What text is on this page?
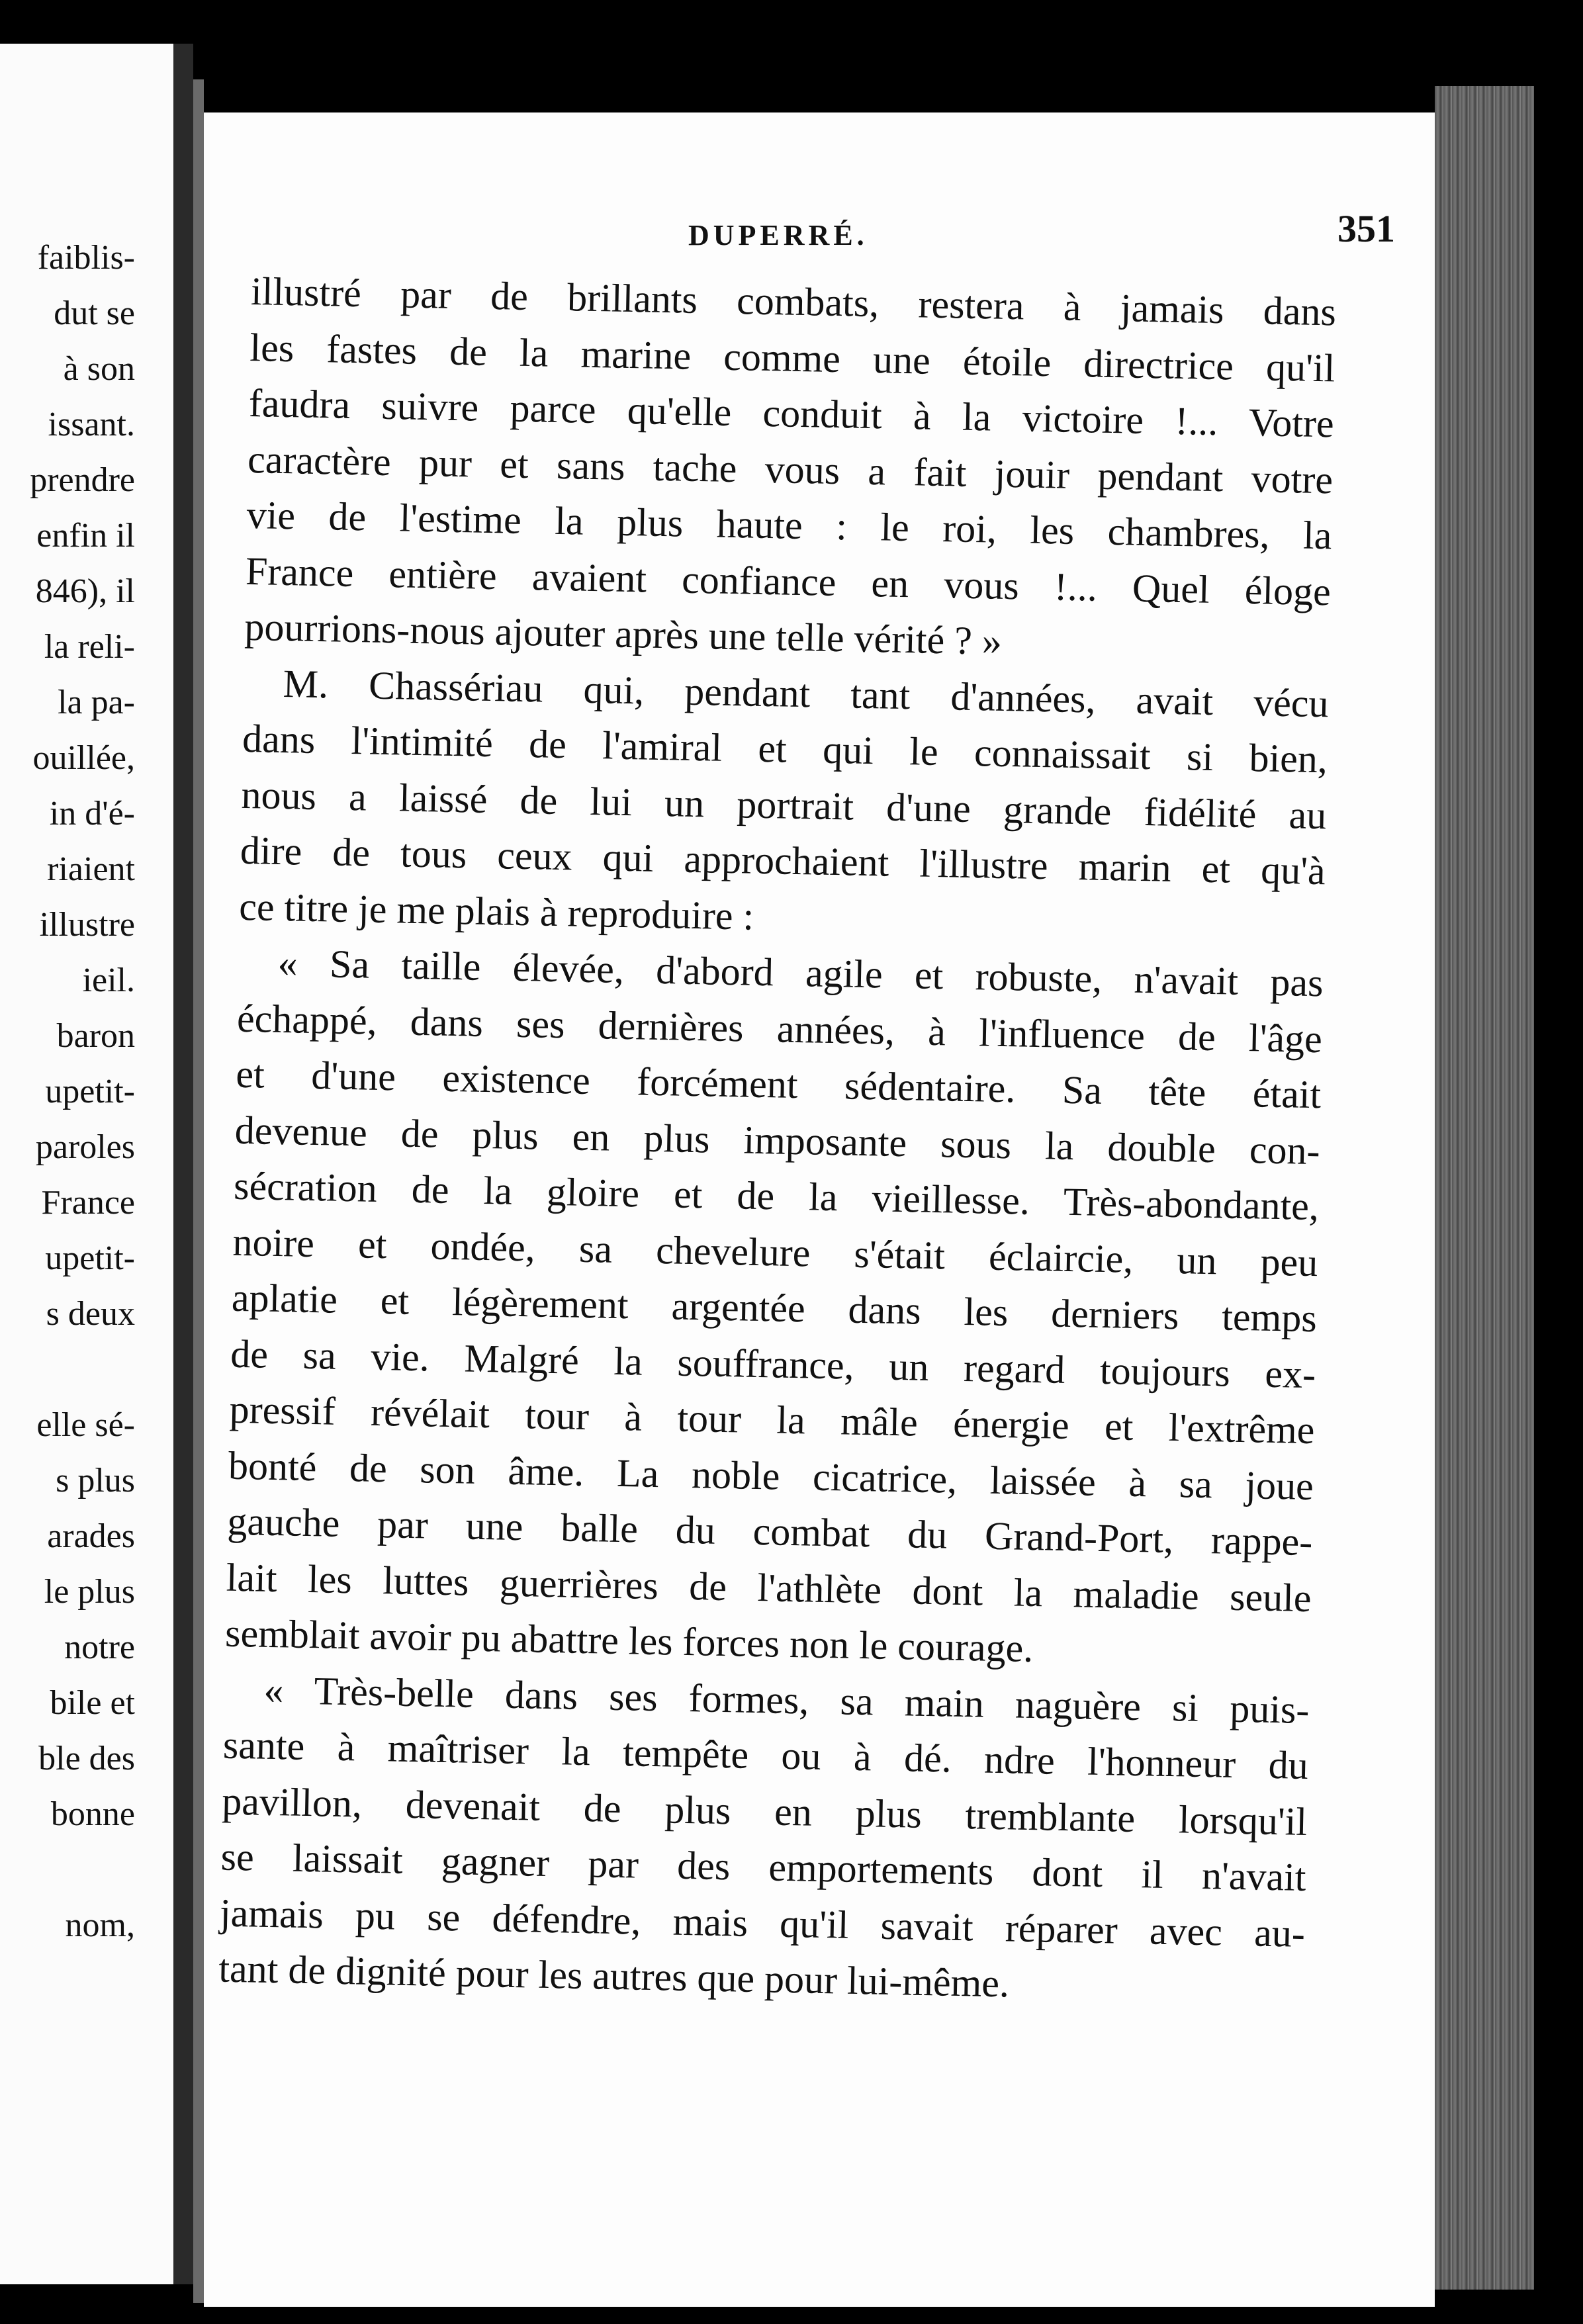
faiblis-
dut se
à son
issant.
prendre
enfin il
846), il
la reli-
la pa-
ouillée,
in d'é-
riaient
illustre
ieil.
baron
upetit-
paroles
France
upetit-
s deux
elle sé-
s plus
arades
le plus
notre
bile et
ble des
bonne
nom,
DUPERRÉ.	351
illustré par de brillants combats, restera à jamais dans
les fastes de la marine comme une étoile directrice qu'il
faudra suivre parce qu'elle conduit à la victoire !... Votre
caractère pur et sans tache vous a fait jouir pendant votre
vie de l'estime la plus haute : le roi, les chambres, la
France entière avaient confiance en vous !... Quel éloge
pourrions-nous ajouter après une telle vérité ? »
M. Chassériau qui, pendant tant d'années, avait vécu
dans l'intimité de l'amiral et qui le connaissait si bien,
nous a laissé de lui un portrait d'une grande fidélité au
dire de tous ceux qui approchaient l'illustre marin et qu'à
ce titre je me plais à reproduire :
« Sa taille élevée, d'abord agile et robuste, n'avait pas
échappé, dans ses dernières années, à l'influence de l'âge
et d'une existence forcément sédentaire. Sa tête était
devenue de plus en plus imposante sous la double con-
sécration de la gloire et de la vieillesse. Très-abondante,
noire et ondée, sa chevelure s'était éclaircie, un peu
aplatie et légèrement argentée dans les derniers temps
de sa vie. Malgré la souffrance, un regard toujours ex-
pressif révélait tour à tour la mâle énergie et l'extrême
bonté de son âme. La noble cicatrice, laissée à sa joue
gauche par une balle du combat du Grand-Port, rappe-
lait les luttes guerrières de l'athlète dont la maladie seule
semblait avoir pu abattre les forces non le courage.
« Très-belle dans ses formes, sa main naguère si puis-
sante à maîtriser la tempête ou à dé. ndre l'honneur du
pavillon, devenait de plus en plus tremblante lorsqu'il
se laissait gagner par des emportements dont il n'avait
jamais pu se défendre, mais qu'il savait réparer avec au-
tant de dignité pour les autres que pour lui-même.
